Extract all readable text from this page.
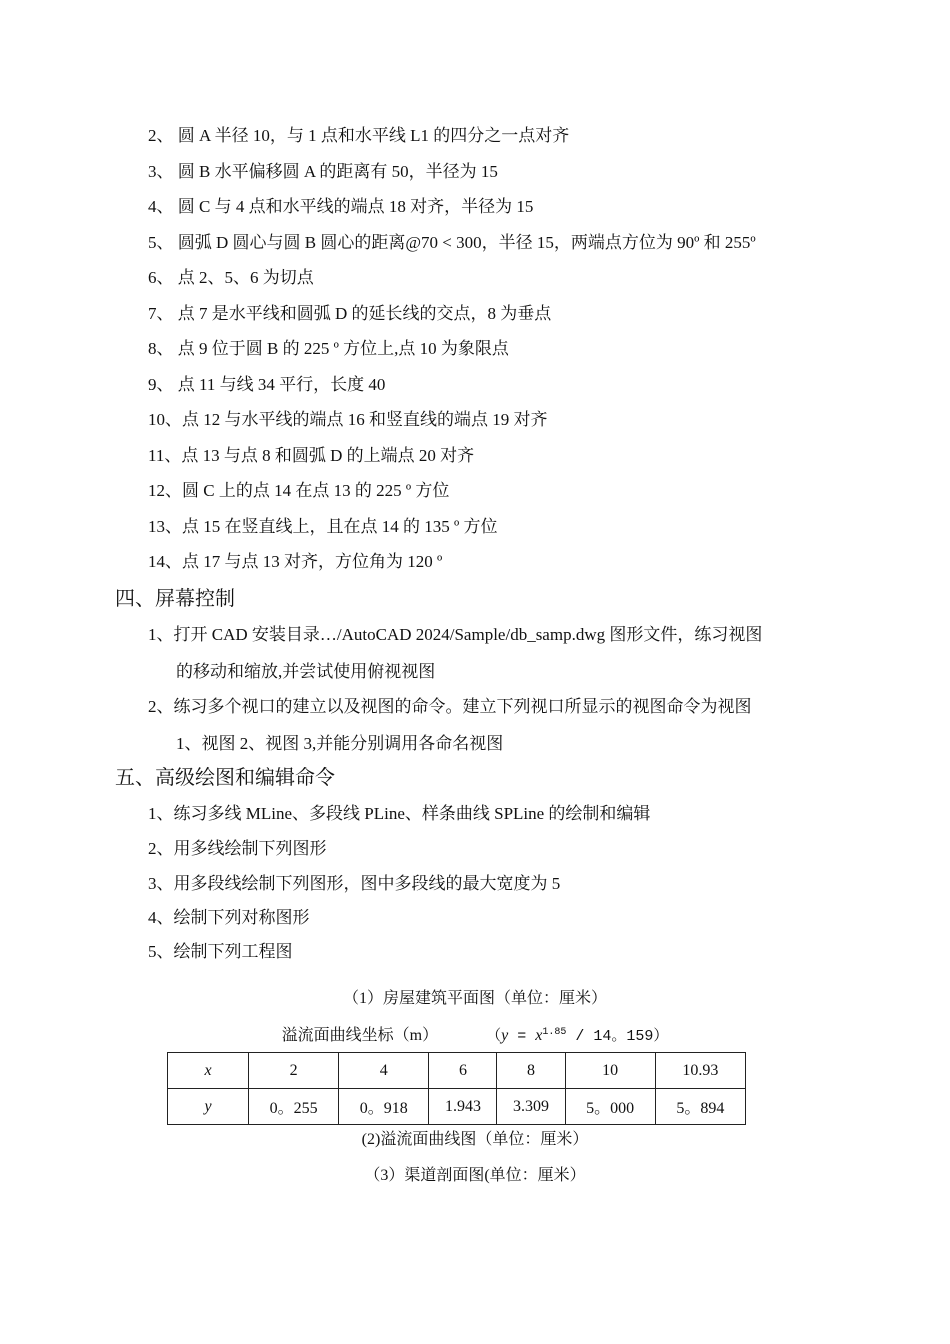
2、 圆 A 半径 10，与 1 点和水平线 L1 的四分之一点对齐
3、 圆 B 水平偏移圆 A 的距离有 50，半径为 15
4、 圆 C 与 4 点和水平线的端点 18 对齐，半径为 15
5、 圆弧 D 圆心与圆 B 圆心的距离@70 < 300，半径 15，两端点方位为 90º 和 255º
6、 点 2、5、6 为切点
7、 点 7 是水平线和圆弧 D 的延长线的交点，8 为垂点
8、 点 9 位于圆 B 的 225 º 方位上,点 10 为象限点
9、 点 11 与线 34 平行，长度 40
10、点 12 与水平线的端点 16 和竖直线的端点 19 对齐
11、点 13 与点 8 和圆弧 D 的上端点 20 对齐
12、圆 C 上的点 14 在点 13 的 225 º 方位
13、点 15 在竖直线上，且在点 14 的 135 º 方位
14、点 17 与点 13 对齐，方位角为 120 º
四、屏幕控制
1、打开 CAD 安装目录…/AutoCAD 2024/Sample/db_samp.dwg 图形文件，练习视图
的移动和缩放,并尝试使用俯视视图
2、练习多个视口的建立以及视图的命令。建立下列视口所显示的视图命令为视图
1、视图 2、视图 3,并能分别调用各命名视图
五、高级绘图和编辑命令
1、练习多线 MLine、多段线 PLine、样条曲线 SPLine 的绘制和编辑
2、用多线绘制下列图形
3、用多段线绘制下列图形，图中多段线的最大宽度为 5
4、绘制下列对称图形
5、绘制下列工程图
（1）房屋建筑平面图（单位：厘米）
溢流面曲线坐标（m）	（$y = x^{1.85} / 14$。159）
x	2	4	6	8	10	10.93
y	0。255	0。918	1.943	3.309	5。000	5。894
(2)溢流面曲线图（单位：厘米）
（3）渠道剖面图(单位：厘米）
